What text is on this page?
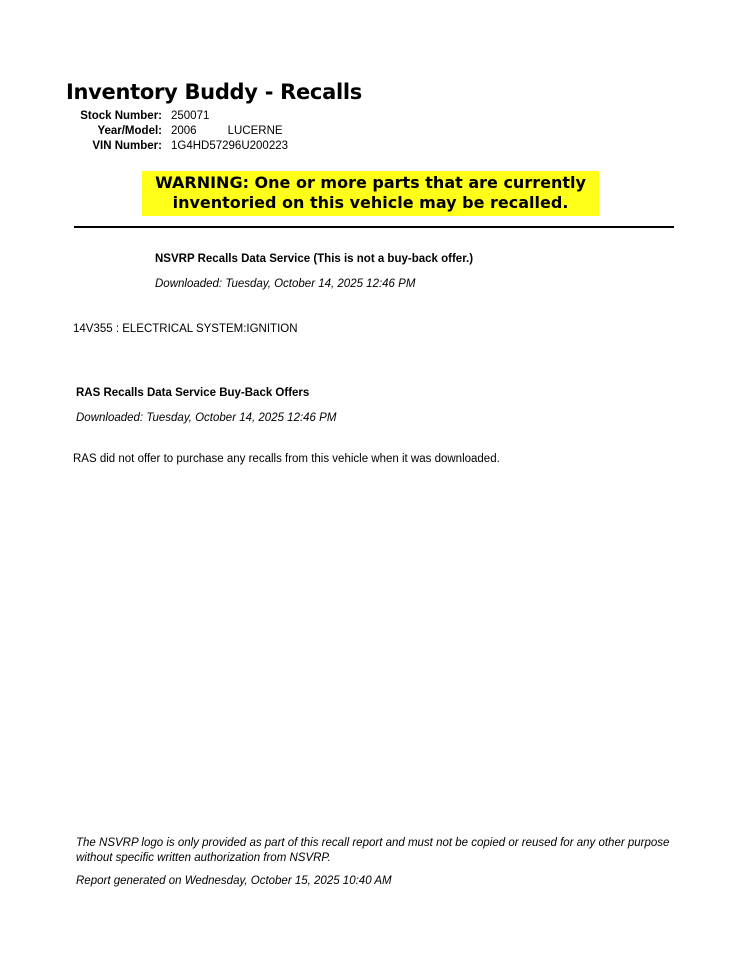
Inventory Buddy - Recalls
Stock Number: 250071
Year/Model: 2006	LUCERNE
VIN Number: 1G4HD57296U200223
WARNING: One or more parts that are currently
inventoried on this vehicle may be recalled.
NSVRP Recalls Data Service (This is not a buy-back offer.)
Downloaded: Tuesday, October 14, 2025 12:46 PM
14V355 : ELECTRICAL SYSTEM:IGNITION
RAS Recalls Data Service Buy-Back Offers
Downloaded: Tuesday, October 14, 2025 12:46 PM
RAS did not offer to purchase any recalls from this vehicle when it was downloaded.
The NSVRP logo is only provided as part of this recall report and must not be copied or reused for any other purpose without specific written authorization from NSVRP.
Report generated on Wednesday, October 15, 2025 10:40 AM
